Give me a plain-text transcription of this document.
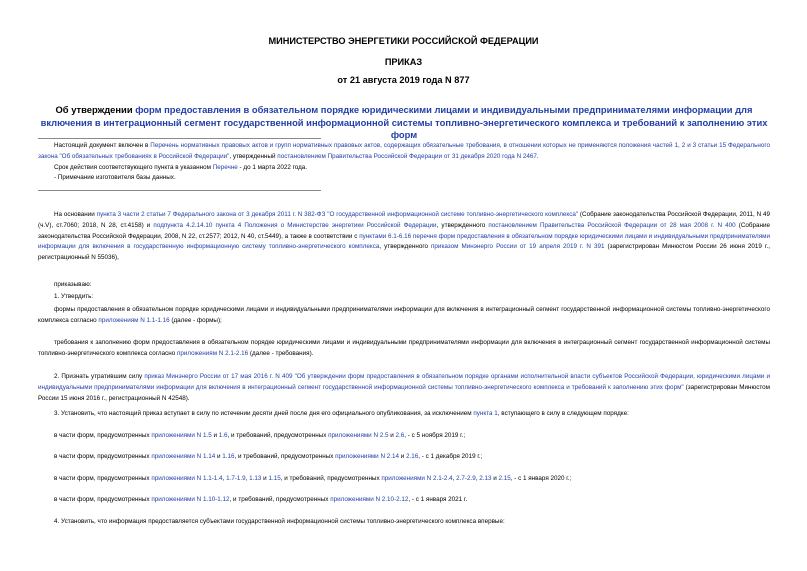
МИНИСТЕРСТВО ЭНЕРГЕТИКИ РОССИЙСКОЙ ФЕДЕРАЦИИ
ПРИКАЗ
от 21 августа 2019 года N 877
Об утверждении форм предоставления в обязательном порядке юридическими лицами и индивидуальными предпринимателями информации для включения в интеграционный сегмент государственной информационной системы топливно-энергетического комплекса и требований к заполнению этих форм

Настоящий документ включен в Перечень нормативных правовых актов и групп нормативных правовых актов, содержащих обязательные требования, в отношении которых не применяются положения частей 1, 2 и 3 статьи 15 Федерального закона "Об обязательных требованиях в Российской Федерации", утвержденный постановлением Правительства Российской Федерации от 31 декабря 2020 года N 2467.

Срок действия соответствующего пункта в указанном Перечне - до 1 марта 2022 года.

- Примечание изготовителя базы данных.

На основании пункта 3 части 2 статьи 7 Федерального закона от 3 декабря 2011 г. N 382-ФЗ "О государственной информационной системе топливно-энергетического комплекса" (Собрание законодательства Российской Федерации, 2011, N 49 (ч.V), ст.7060; 2018, N 28, ст.4158) и подпункта 4.2.14.10 пункта 4 Положения о Министерстве энергетики Российской Федерации, утвержденного постановлением Правительства Российской Федерации от 28 мая 2008 г. N 400 (Собрание законодательства Российской Федерации, 2008, N 22, ст.2577; 2012, N 40, ст.5449), а также в соответствии с пунктами 6.1-6.16 перечня форм предоставления в обязательном порядке юридическими лицами и индивидуальными предпринимателями информации для включения в государственную информационную систему топливно-энергетического комплекса, утвержденного приказом Минэнерго России от 19 апреля 2019 г. N 391 (зарегистрирован Минюстом России 26 июня 2019 г., регистрационный N 55036),

приказываю:

1. Утвердить:

формы предоставления в обязательном порядке юридическими лицами и индивидуальными предпринимателями информации для включения в интеграционный сегмент государственной информационной системы топливно-энергетического комплекса согласно приложениям N 1.1-1.16 (далее - формы);

требования к заполнению форм предоставления в обязательном порядке юридическими лицами и индивидуальными предпринимателями информации для включения в интеграционный сегмент государственной информационной системы топливно-энергетического комплекса согласно приложениям N 2.1-2.16 (далее - требования).

2. Признать утратившим силу приказ Минэнерго России от 17 мая 2016 г. N 409 "Об утверждении форм предоставления в обязательном порядке органами исполнительной власти субъектов Российской Федерации, юридическими лицами и индивидуальными предпринимателями информации для включения в интеграционный сегмент государственной информационной системы топливно-энергетического комплекса и требований к заполнению этих форм" (зарегистрирован Минюстом России 15 июня 2016 г., регистрационный N 42548).

3. Установить, что настоящий приказ вступает в силу по истечении десяти дней после дня его официального опубликования, за исключением пункта 1, вступающего в силу в следующем порядке:

в части форм, предусмотренных приложениями N 1.5 и 1.6, и требований, предусмотренных приложениями N 2.5 и 2.6, - с 5 ноября 2019 г.;

в части форм, предусмотренных приложениями N 1.14 и 1.16, и требований, предусмотренных приложениями N 2.14 и 2.16, - с 1 декабря 2019 г.;

в части форм, предусмотренных приложениями N 1.1-1.4, 1.7-1.9, 1.13 и 1.15, и требований, предусмотренных приложениями N 2.1-2.4, 2.7-2.9, 2.13 и 2.15, - с 1 января 2020 г.;

в части форм, предусмотренных приложениями N 1.10-1.12, и требований, предусмотренных приложениями N 2.10-2.12, - с 1 января 2021 г.

4. Установить, что информация предоставляется субъектами государственной информационной системы топливно-энергетического комплекса впервые:
